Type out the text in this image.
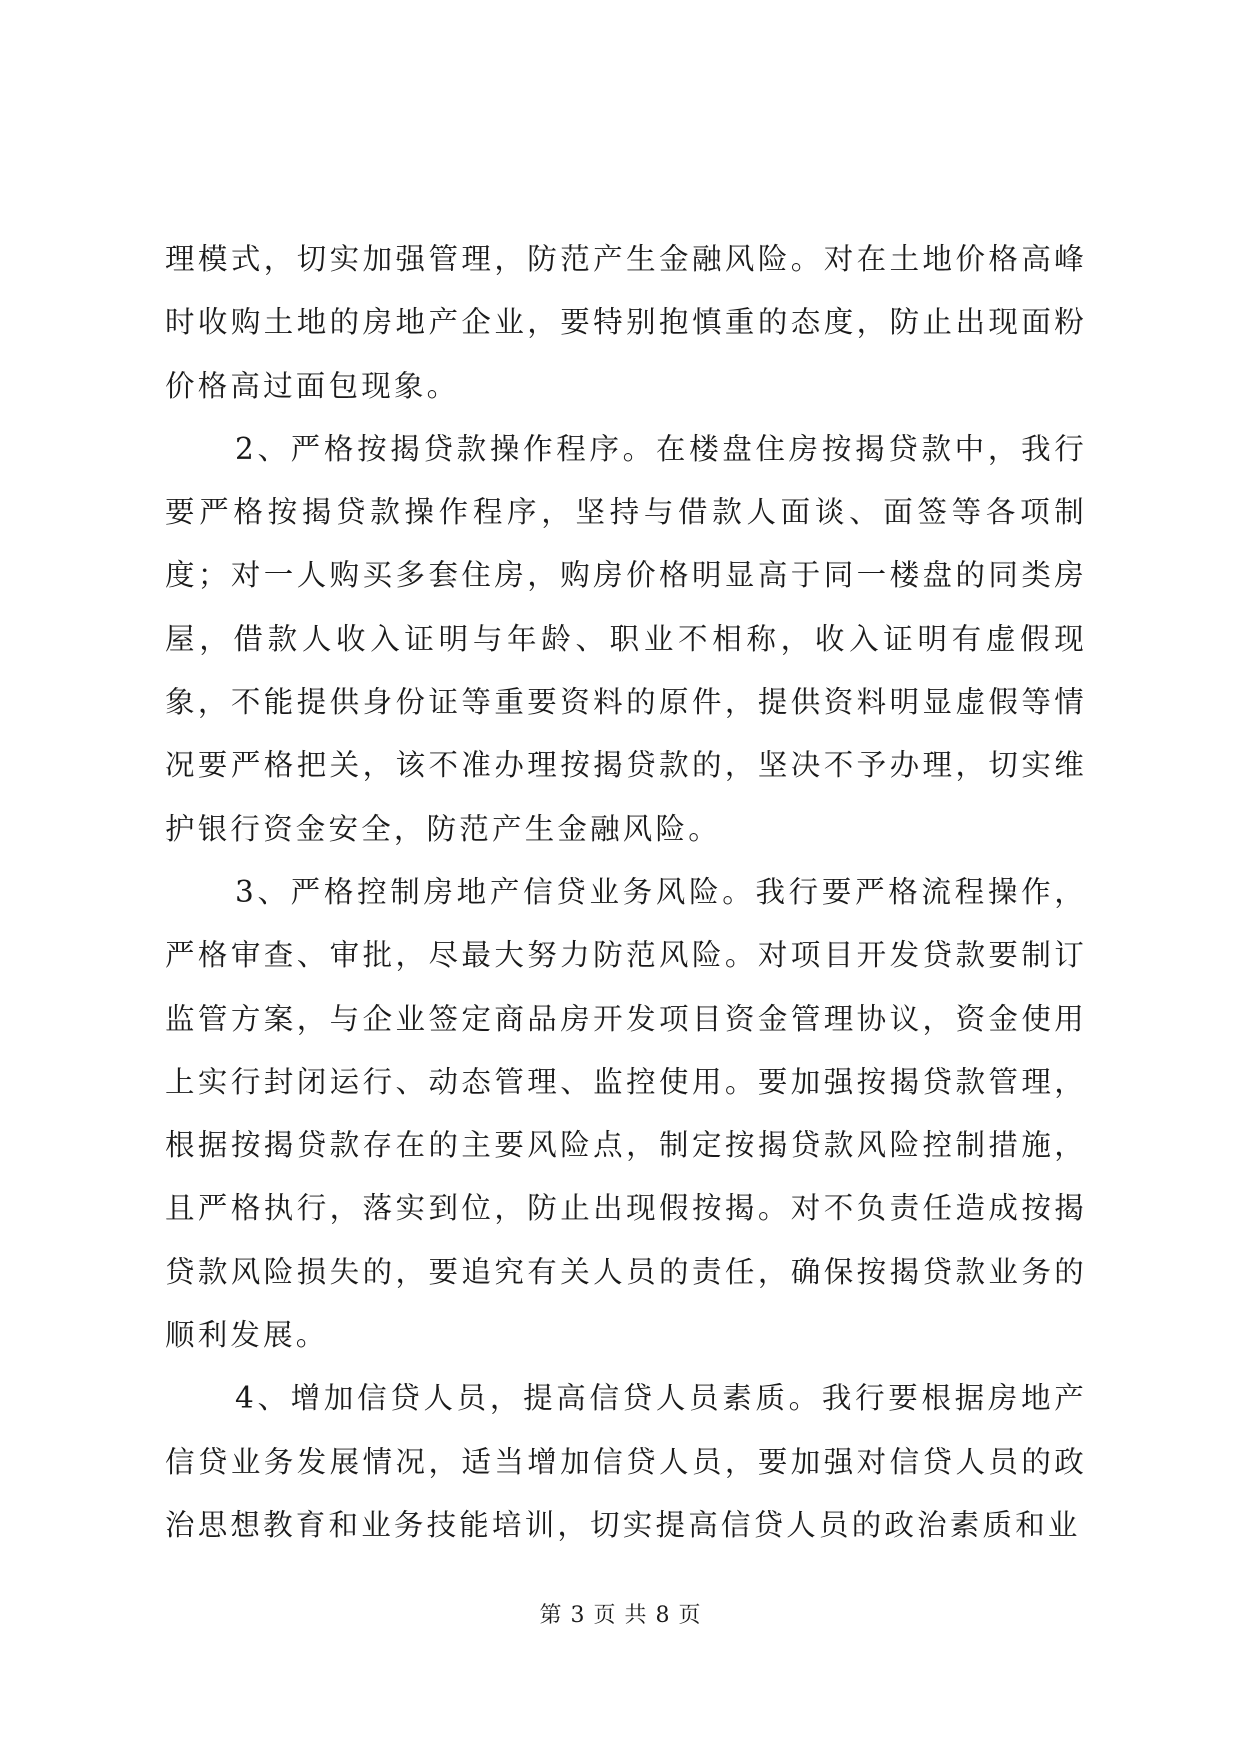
理模式，切实加强管理，防范产生金融风险。对在土地价格高峰时收购土地的房地产企业，要特别抱慎重的态度，防止出现面粉价格高过面包现象。

2、严格按揭贷款操作程序。在楼盘住房按揭贷款中，我行要严格按揭贷款操作程序，坚持与借款人面谈、面签等各项制度；对一人购买多套住房，购房价格明显高于同一楼盘的同类房屋，借款人收入证明与年龄、职业不相称，收入证明有虚假现象，不能提供身份证等重要资料的原件，提供资料明显虚假等情况要严格把关，该不准办理按揭贷款的，坚决不予办理，切实维护银行资金安全，防范产生金融风险。

3、严格控制房地产信贷业务风险。我行要严格流程操作，严格审查、审批，尽最大努力防范风险。对项目开发贷款要制订监管方案，与企业签定商品房开发项目资金管理协议，资金使用上实行封闭运行、动态管理、监控使用。要加强按揭贷款管理，根据按揭贷款存在的主要风险点，制定按揭贷款风险控制措施，且严格执行，落实到位，防止出现假按揭。对不负责任造成按揭贷款风险损失的，要追究有关人员的责任，确保按揭贷款业务的顺利发展。

4、增加信贷人员，提高信贷人员素质。我行要根据房地产信贷业务发展情况，适当增加信贷人员，要加强对信贷人员的政治思想教育和业务技能培训，切实提高信贷人员的政治素质和业

第 3 页 共 8 页
